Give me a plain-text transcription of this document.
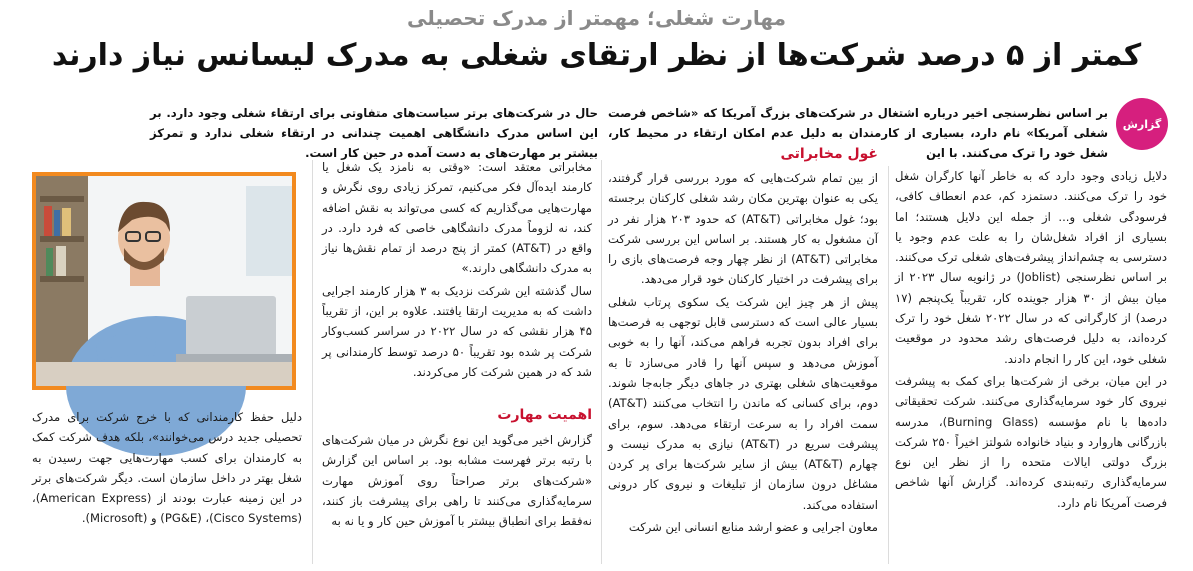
مهارت شغلی؛ مهمتر از مدرک تحصیلی
کمتر از ۵ درصد شرکت‌ها از نظر ارتقای شغلی به مدرک لیسانس نیاز دارند
گزارش
بر اساس نظرسنجی اخیر درباره اشتغال در شرکت‌های بزرگ آمریکا که «شاخص فرصت شغلی آمریکا» نام دارد، بسیاری از کارمندان به دلیل عدم امکان ارتقاء در محیط کار، شغل خود را ترک می‌کنند. با این
حال در شرکت‌های برتر سیاست‌های متفاوتی برای ارتقاء شغلی وجود دارد. بر این اساس مدرک دانشگاهی اهمیت چندانی در ارتقاء شغلی ندارد و تمرکز بیشتر بر مهارت‌های به دست آمده در حین کار است.

دلایل زیادی وجود دارد که به خاطر آنها کارگران شغل خود را ترک می‌کنند. دستمزد کم، عدم انعطاف کافی، فرسودگی شغلی و... از جمله این دلایل هستند؛ اما بسیاری از افراد شغل‌شان را به علت عدم وجود یا دسترسی به چشم‌انداز پیشرفت‌های شغلی ترک می‌کنند. بر اساس نظرسنجی (Joblist) در ژانویه سال ۲۰۲۳ از میان بیش از ۳۰ هزار جوینده کار، تقریباً یک‌پنجم (۱۷ درصد) از کارگرانی که در سال ۲۰۲۲ شغل خود را ترک کرده‌اند، به دلیل فرصت‌های رشد محدود در موقعیت شغلی خود، این کار را انجام دادند.

در این میان، برخی از شرکت‌ها برای کمک به پیشرفت نیروی کار خود سرمایه‌گذاری می‌کنند. شرکت تحقیقاتی داده‌ها با نام مؤسسه (Burning Glass)، مدرسه بازرگانی هاروارد و بنیاد خانواده شولتز اخیراً ۲۵۰ شرکت بزرگ دولتی ایالات متحده را از نظر این نوع سرمایه‌گذاری رتبه‌بندی کرده‌اند. گزارش آنها شاخص فرصت آمریکا نام دارد.

غول مخابراتی

از بین تمام شرکت‌هایی که مورد بررسی قرار گرفتند، یکی به عنوان بهترین مکان رشد شغلی کارکنان برجسته بود؛ غول مخابراتی (AT&T) که حدود ۲۰۳ هزار نفر در آن مشغول به کار هستند. بر اساس این بررسی شرکت مخابراتی (AT&T) از نظر چهار وجه فرصت‌های بازی را برای پیشرفت در اختیار کارکنان خود قرار می‌دهد.

پیش از هر چیز این شرکت یک سکوی پرتاب شغلی بسیار عالی است که دسترسی قابل توجهی به فرصت‌ها برای افراد بدون تجربه فراهم می‌کند، آنها را به خوبی آموزش می‌دهد و سپس آنها را قادر می‌سازد تا به موقعیت‌های شغلی بهتری در جاهای دیگر جابه‌جا شوند. دوم، برای کسانی که ماندن را انتخاب می‌کنند (AT&T) سمت افراد را به سرعت ارتقاء می‌دهد. سوم، برای پیشرفت سریع در (AT&T) نیازی به مدرک نیست و چهارم (AT&T) بیش از سایر شرکت‌ها برای پر کردن مشاغل درون سازمان از تبلیغات و نیروی کار درونی استفاده می‌کند.

معاون اجرایی و عضو ارشد منابع انسانی این شرکت

مخابراتی معتقد است: «وقتی به نامزد یک شغل یا کارمند ایده‌آل فکر می‌کنیم، تمرکز زیادی روی نگرش و مهارت‌هایی می‌گذاریم که کسی می‌تواند به نقش اضافه کند، نه لزوماً مدرک دانشگاهی خاصی که فرد دارد. در واقع در (AT&T) کمتر از پنج درصد از تمام نقش‌ها نیاز به مدرک دانشگاهی دارند.»

سال گذشته این شرکت نزدیک به ۳ هزار کارمند اجرایی داشت که به مدیریت ارتقا یافتند. علاوه بر این، از تقریباً ۴۵ هزار نقشی که در سال ۲۰۲۲ در سراسر کسب‌وکار شرکت پر شده بود تقریباً ۵۰ درصد توسط کارمندانی پر شد که در همین شرکت کار می‌کردند.

اهمیت مهارت

گزارش اخیر می‌گوید این نوع نگرش در میان شرکت‌های با رتبه برتر فهرست مشابه بود. بر اساس این گزارش «شرکت‌های برتر صراحتاً روی آموزش مهارت سرمایه‌گذاری می‌کنند تا راهی برای پیشرفت باز کنند، نه‌فقط برای انطباق بیشتر با آموزش حین کار و یا نه به

دلیل حفظ کارمندانی که با خرج شرکت برای مدرک تحصیلی جدید درس می‌خوانند»، بلکه هدف شرکت کمک به کارمندان برای کسب مهارت‌هایی جهت رسیدن به شغل بهتر در داخل سازمان است. دیگر شرکت‌های برتر در این زمینه عبارت بودند از (American Express)، (Cisco Systems)، (PG&E) و (Microsoft).
